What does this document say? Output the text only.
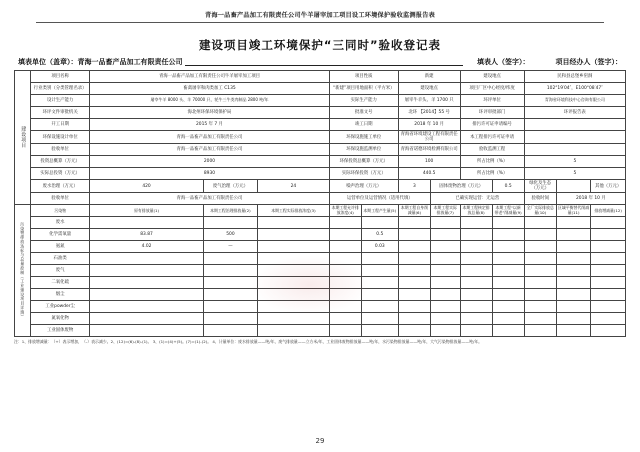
青海一品畜产品加工有限责任公司牛羊屠宰加工项目设工环境保护验收监测报告表
建设项目竣工环境保护“三同时”验收登记表
填表单位（盖章）：青海一品畜产品加工有限责任公司	填表人（签字）：	项目经办人（签字）：
建设项目	项目名称	青海一品畜产品加工有限责任公司牛羊屠宰加工项目			项目性质		新建		建设地点		民和县总堡乡窑洞		
	行业类别（分类管理名录）	畜禽屠宰和肉类加工 C135			“新建”项目用地面积（平方米）		建设地点		项目厂区中心经度/纬度		102°19′04″，E100°08′47″		
	设计生产能力	屠宰牛羊 8000 头、羊 70000 只、牦牛三牛类肉制品 2800 吨/年			实际生产能力		屠宰牛羊头、羊 1700 只		环评单位		青海省环境科技中心咨询有限公司		
	环评文件审批机关	海北州环保环境保护局			批准文号		北环 【2014】55 号		环评审批部门		环评报告表		
	开工日期	2015 年 7 月			竣工日期		2018 年 10 月		排污许可证申请编号				
	环保设施设计单位	青海一品畜产品加工有限责任公司			环保设施施工单位		青海省环境建设工程有限责任公司		本工程排污许可证申请				
	验收单位	青海一品畜产品加工有限责任公司			环保设施监测单位		青海省诺德环境检测有限公司		验收监测工程				
	投资总概算（万元）	2000			环保投资总概算（万元）		100		所占比例（%）		5		
	实际总投资（万元）	8930			实际环保投资（万元）		440.5		所占比例（%）		5		
	废水治理（万元）	420	废气治理（万元）	24	噪声治理（万元）		3	固体废物治理（万元）		0.5	绿化及生态（万元）		其他（万元）
	验收单位	青海一品畜产品加工有限责任公司			运营单位及运营情况（适用代填）			已确实现运营：无运营			验收时间	2018 年 10 月	
污染物排放达标与总量控制（工业建设项目详填）	污染物	原有排放量(1)	本期工程治理排放量(2)	本期工程实际排放浓度(3)	本期工程允许排放浓度(4)	本期工程产生量(5)	本期工程自身削减量(6)	本期工程实际排放量(7)	本期工程核定排放总量(8)	本期工程“以新带老”削减量(9)	全厂实际排放总量(10)	区域平衡替代削减量(11)	排放增减量(12)
	废水												
	化学需氧量	83.87	500			0.5							
	氨氮	4.02	—			0.03							
	石油类												
	废气												
	二氧化硫												
	烟尘												
	工业powder尘												
	氮氧化物												
	工业固体废物												
注：1、排放增减量：（+）表示增加，（-）表示减少。2、(12)=(6)-(8)-(1)。 3、(1)=(4)+(5)。(7)=(1)-(2)。 4、计量单位：废水排放量——吨/年，废气排放量——立方米/年，工业固体废物排放量——吨/年，水污染物排放量——吨/年，大气污染物排放量——吨/年。
29
